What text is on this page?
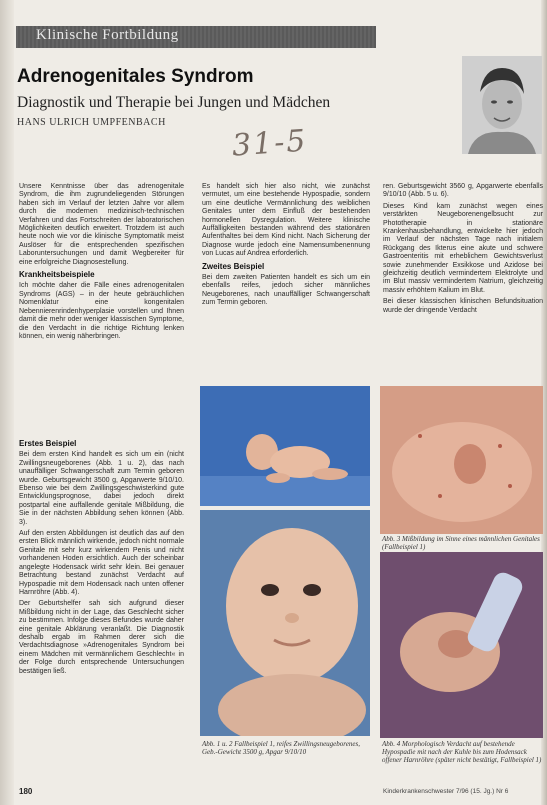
Klinische Fortbildung
Adrenogenitales Syndrom
Diagnostik und Therapie bei Jungen und Mädchen
HANS ULRICH UMPFENBACH
31-5

Unsere Kenntnisse über das adrenogenitale Syndrom, die ihm zugrundeliegenden Störungen haben sich im Verlauf der letzten Jahre vor allem durch die modernen medizinisch-technischen Verfahren und das Fortschreiten der laboratorischen Möglichkeiten deutlich erweitert. Trotzdem ist auch heute noch wie vor die klinische Symptomatik meist Auslöser für die entsprechenden spezifischen Laboruntersuchungen und damit Wegbereiter für eine erfolgreiche Diagnosestellung.

Krankheitsbeispiele

Ich möchte daher die Fälle eines adrenogenitalen Syndroms (AGS) – in der heute gebräuchlichen Nomenklatur eine kongenitalen Nebennierenrindenhyperplasie vorstellen und Ihnen damit die mehr oder weniger klassischen Symptome, die den Verdacht in die richtige Richtung lenken können, ein wenig näherbringen.

Erstes Beispiel

Bei dem ersten Kind handelt es sich um ein (nicht Zwillingsneugeborenes (Abb. 1 u. 2), das nach unauffälliger Schwangerschaft zum Termin geboren wurde. Geburtsgewicht 3500 g, Apgarwerte 9/10/10. Ebenso wie bei dem Zwillingsgeschwisterkind gute Entwicklungsprognose, dabei jedoch direkt postpartal eine auffallende genitale Mißbildung, die Sie in der nächsten Abbildung sehen können (Abb. 3).

Auf den ersten Abbildungen ist deutlich das auf den ersten Blick männlich wirkende, jedoch nicht normale Genitale mit sehr kurz wirkendem Penis und nicht vorhandenen Hoden ersichtlich. Auch der scheinbar angelegte Hodensack wirkt sehr klein. Bei genauer Betrachtung bestand zunächst Verdacht auf Hypospadie mit dem Hodensack nach unten offener Harnröhre (Abb. 4).

Der Geburtshelfer sah sich aufgrund dieser Mißbildung nicht in der Lage, das Geschlecht sicher zu bestimmen. Infolge dieses Befundes wurde daher eine genitale Abklärung veranlaßt. Die Diagnostik deshalb ergab im Rahmen derer sich die Verdachtsdiagnose »Adrenogenitales Syndrom bei einem Mädchen mit vermännlichem Geschlecht« in der Folge durch entsprechende Untersuchungen bestätigen ließ.

Es handelt sich hier also nicht, wie zunächst vermutet, um eine bestehende Hypospadie, sondern um eine deutliche Vermännlichung des weiblichen Genitales unter dem Einfluß der bestehenden hormonellen Dysregulation. Weitere klinische Auffälligkeiten bestanden während des stationären Aufenthaltes bei dem Kind nicht. Nach Sicherung der Diagnose wurde jedoch eine Namensumbenennung von Lucas auf Andrea erforderlich.

Zweites Beispiel

Bei dem zweiten Patienten handelt es sich um ein ebenfalls reifes, jedoch sicher männliches Neugeborenes, nach unauffälliger Schwangerschaft zum Termin geboren.

ren. Geburtsgewicht 3560 g, Apgarwerte ebenfalls 9/10/10 (Abb. 5 u. 6).

Dieses Kind kam zunächst wegen eines verstärkten Neugeborenengelbsucht zur Phototherapie in stationäre Krankenhausbehandlung, entwickelte hier jedoch im Verlauf der nächsten Tage nach initialem Rückgang des Ikterus eine akute und schwere Gastroenteritis mit erheblichem Gewichtsverlust sowie zunehmender Exsikkose und Azidose bei gleichzeitig deutlich vermindertem Elektrolyte und im Blut massiv vermindertem Natrium, gleichzeitig massiv erhöhtem Kalium im Blut.

Bei dieser klassischen klinischen Befundsituation wurde der dringende Verdacht

Abb. 1 u. 2 Fallbeispiel 1, reifes Zwillingsneugeborenes, Geb.-Gewicht 3500 g, Apgar 9/10/10
Abb. 3 Mißbildung im Sinne eines männlichen Genitales (Fallbeispiel 1)
Abb. 4 Morphologisch Verdacht auf bestehende Hypospadie mit nach der Kuhle bis zum Hodensack offener Harnröhre (später nicht bestätigt, Fallbeispiel 1)
180	Kinderkrankenschwester 7/96 (15. Jg.) Nr 6
